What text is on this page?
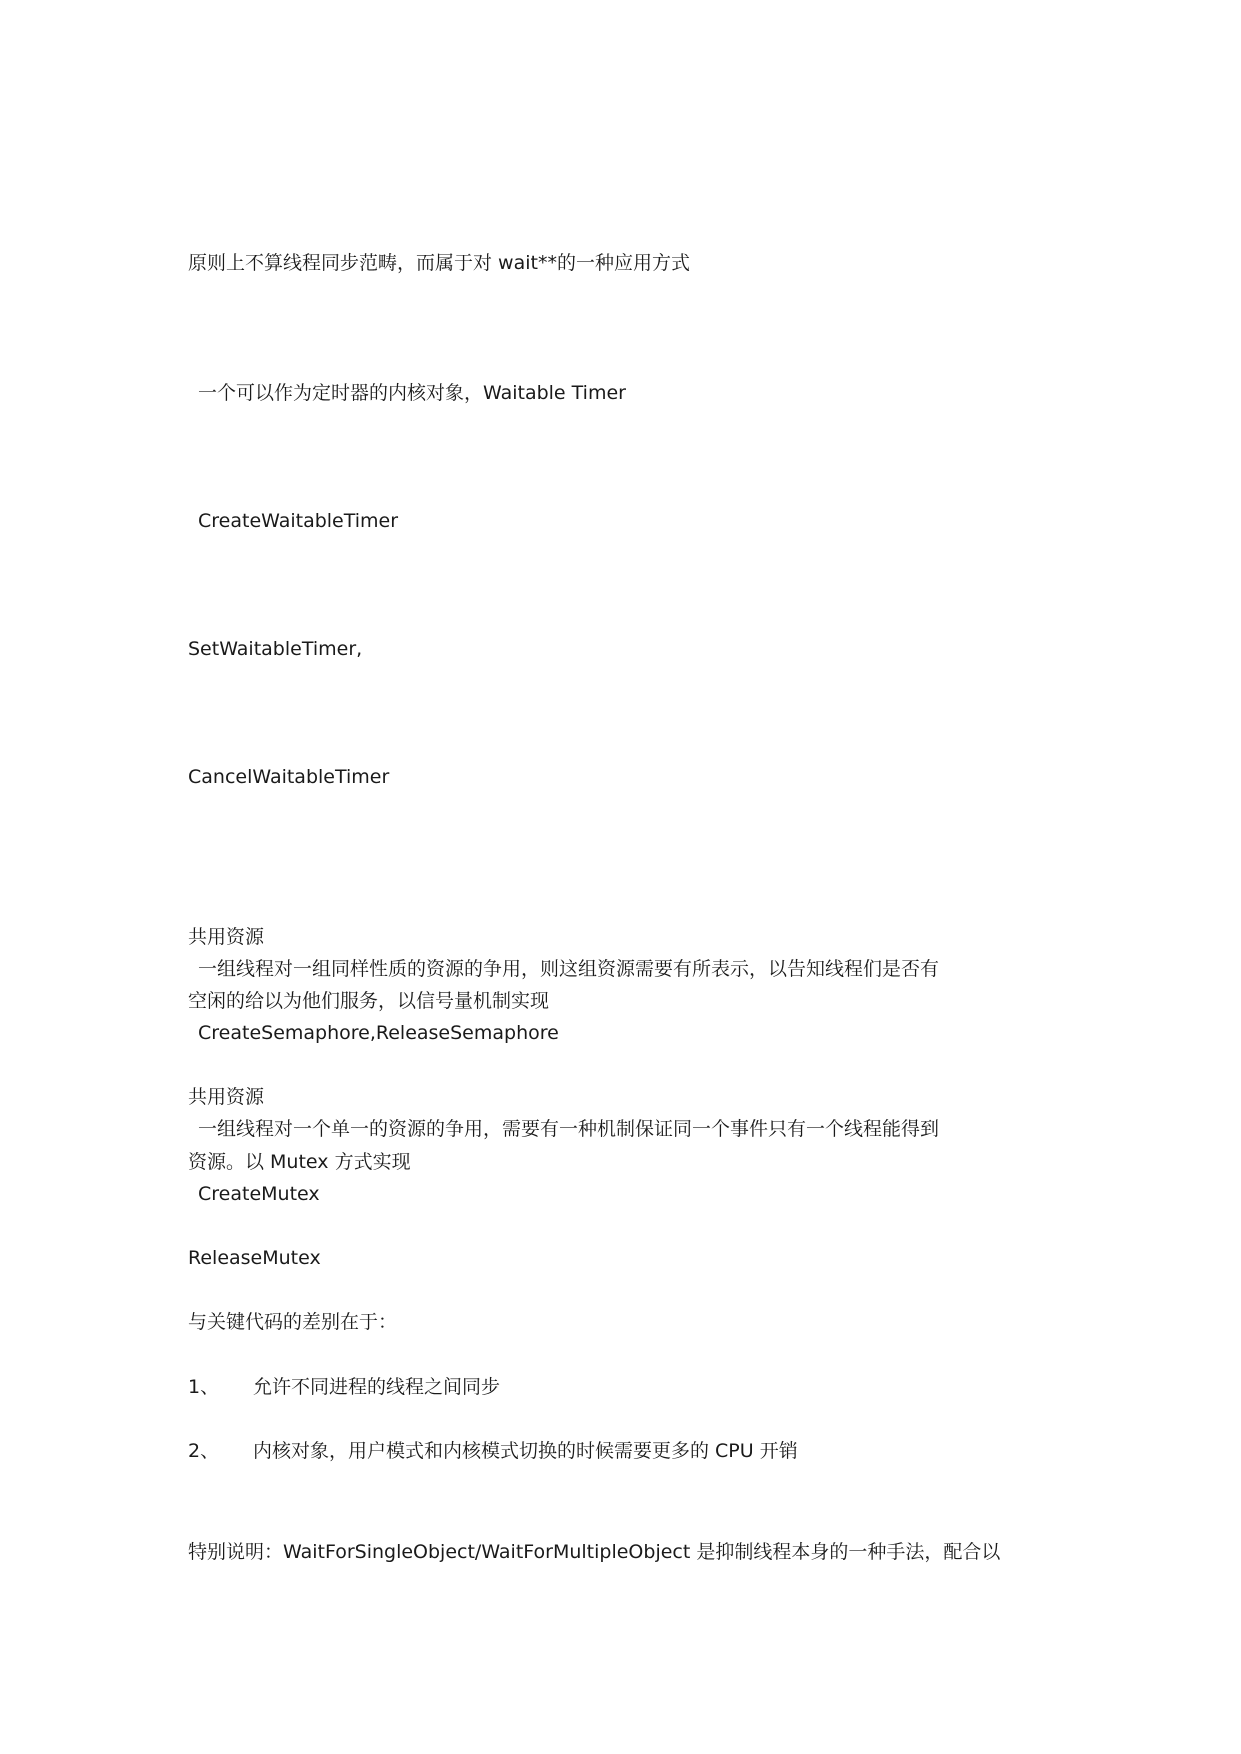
原则上不算线程同步范畴，而属于对 wait**的一种应用方式
一个可以作为定时器的内核对象，Waitable Timer
CreateWaitableTimer
SetWaitableTimer,
CancelWaitableTimer
共用资源
一组线程对一组同样性质的资源的争用，则这组资源需要有所表示，以告知线程们是否有
空闲的给以为他们服务，以信号量机制实现
CreateSemaphore,ReleaseSemaphore
共用资源
一组线程对一个单一的资源的争用，需要有一种机制保证同一个事件只有一个线程能得到
资源。以 Mutex 方式实现
CreateMutex
ReleaseMutex
与关键代码的差别在于：
1、 允许不同进程的线程之间同步
2、 内核对象，用户模式和内核模式切换的时候需要更多的 CPU 开销
特别说明：WaitForSingleObject/WaitForMultipleObject 是抑制线程本身的一种手法，配合以
